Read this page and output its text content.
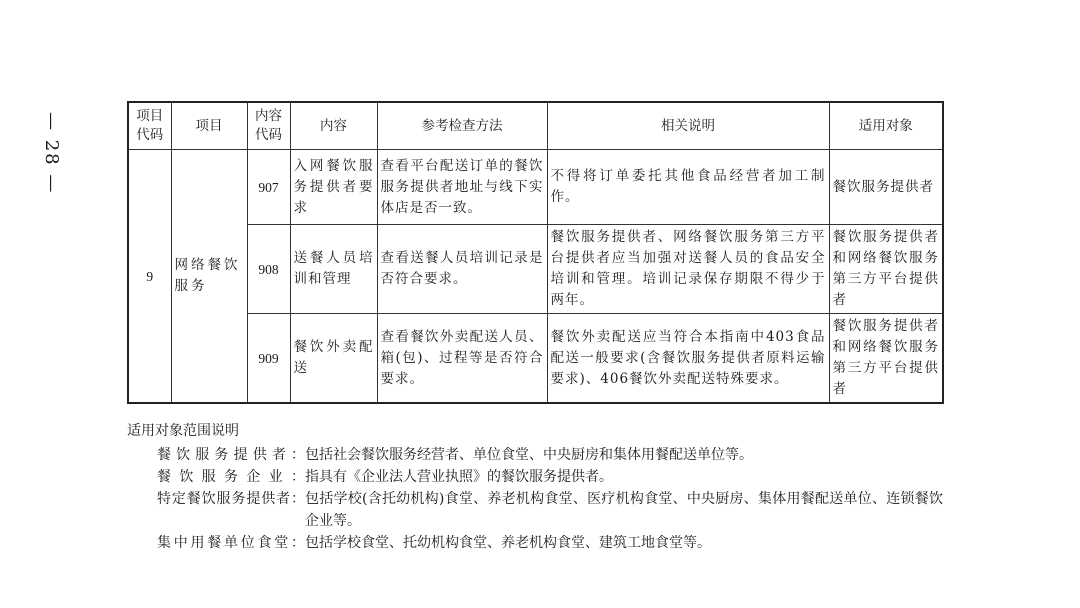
— 28 —	项目代码	项目	内容代码	内容	参考检查方法	相关说明	适用对象
9	网络餐饮服务	907	入网餐饮服务提供者要求	查看平台配送订单的餐饮服务提供者地址与线下实体店是否一致。	不得将订单委托其他食品经营者加工制作。	餐饮服务提供者
		908	送餐人员培训和管理	查看送餐人员培训记录是否符合要求。	餐饮服务提供者、网络餐饮服务第三方平台提供者应当加强对送餐人员的食品安全培训和管理。培训记录保存期限不得少于两年。	餐饮服务提供者和网络餐饮服务第三方平台提供者
		909	餐饮外卖配送	查看餐饮外卖配送人员、箱(包)、过程等是否符合要求。	餐饮外卖配送应当符合本指南中403食品配送一般要求(含餐饮服务提供者原料运输要求)、406餐饮外卖配送特殊要求。	餐饮服务提供者和网络餐饮服务第三方平台提供者
适用对象范围说明
餐饮服务提供者： 包括社会餐饮服务经营者、单位食堂、中央厨房和集体用餐配送单位等。
餐饮服务企业： 指具有《企业法人营业执照》的餐饮服务提供者。
特定餐饮服务提供者： 包括学校(含托幼机构)食堂、养老机构食堂、医疗机构食堂、中央厨房、集体用餐配送单位、连锁餐饮企业等。
集中用餐单位食堂： 包括学校食堂、托幼机构食堂、养老机构食堂、建筑工地食堂等。
